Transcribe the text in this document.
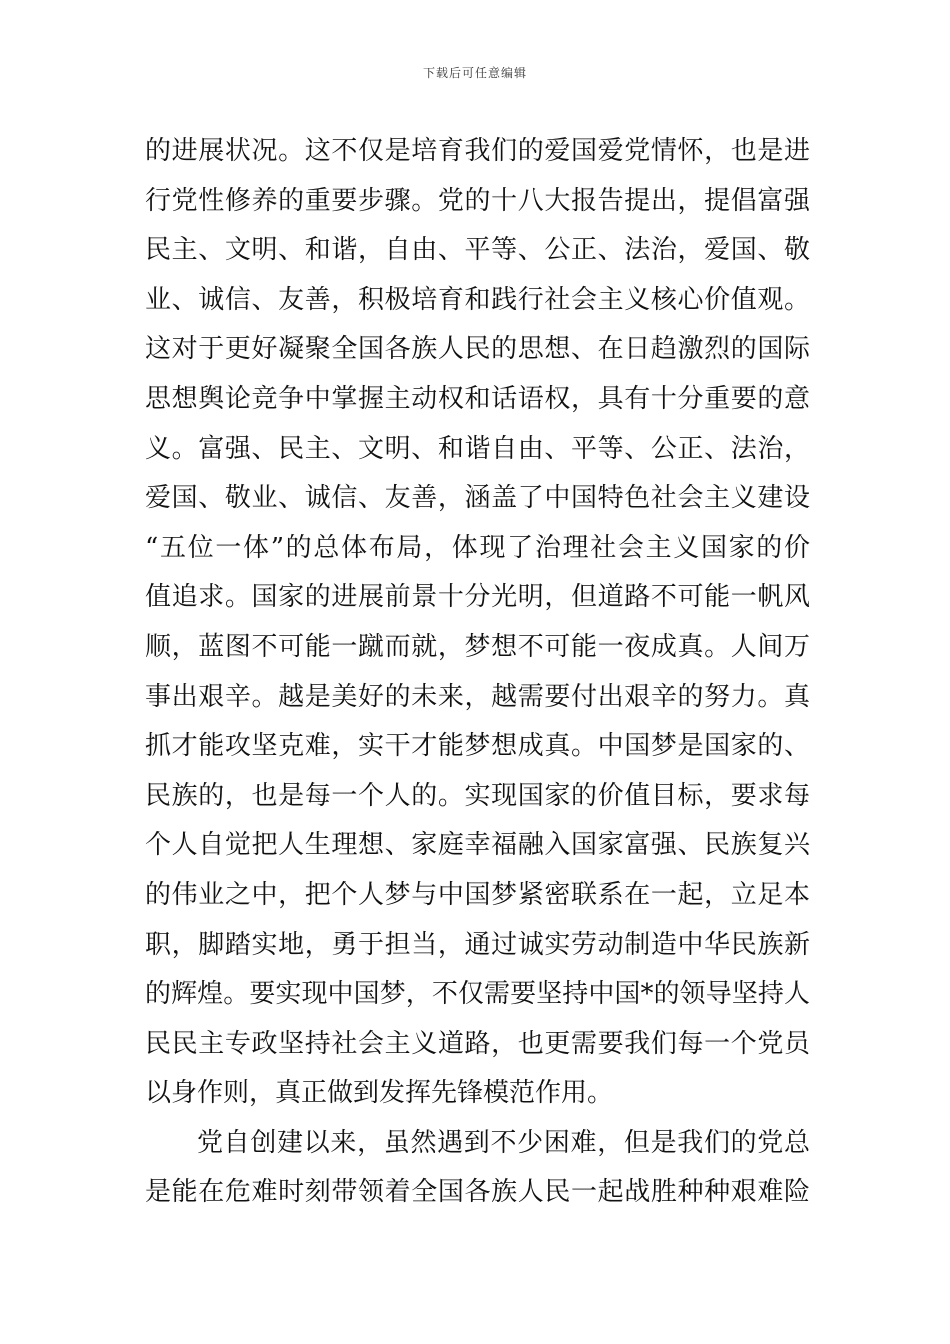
下载后可任意编辑
的进展状况。这不仅是培育我们的爱国爱党情怀，也是进
行党性修养的重要步骤。党的十八大报告提出，提倡富强
民主、文明、和谐，自由、平等、公正、法治，爱国、敬
业、诚信、友善，积极培育和践行社会主义核心价值观。
这对于更好凝聚全国各族人民的思想、在日趋激烈的国际
思想舆论竞争中掌握主动权和话语权，具有十分重要的意
义。富强、民主、文明、和谐自由、平等、公正、法治，
爱国、敬业、诚信、友善，涵盖了中国特色社会主义建设
“五位一体”的总体布局，体现了治理社会主义国家的价
值追求。国家的进展前景十分光明，但道路不可能一帆风
顺，蓝图不可能一蹴而就，梦想不可能一夜成真。人间万
事出艰辛。越是美好的未来，越需要付出艰辛的努力。真
抓才能攻坚克难，实干才能梦想成真。中国梦是国家的、
民族的，也是每一个人的。实现国家的价值目标，要求每
个人自觉把人生理想、家庭幸福融入国家富强、民族复兴
的伟业之中，把个人梦与中国梦紧密联系在一起，立足本
职，脚踏实地，勇于担当，通过诚实劳动制造中华民族新
的辉煌。要实现中国梦，不仅需要坚持中国*的领导坚持人
民民主专政坚持社会主义道路，也更需要我们每一个党员
以身作则，真正做到发挥先锋模范作用。
党自创建以来，虽然遇到不少困难，但是我们的党总
是能在危难时刻带领着全国各族人民一起战胜种种艰难险
